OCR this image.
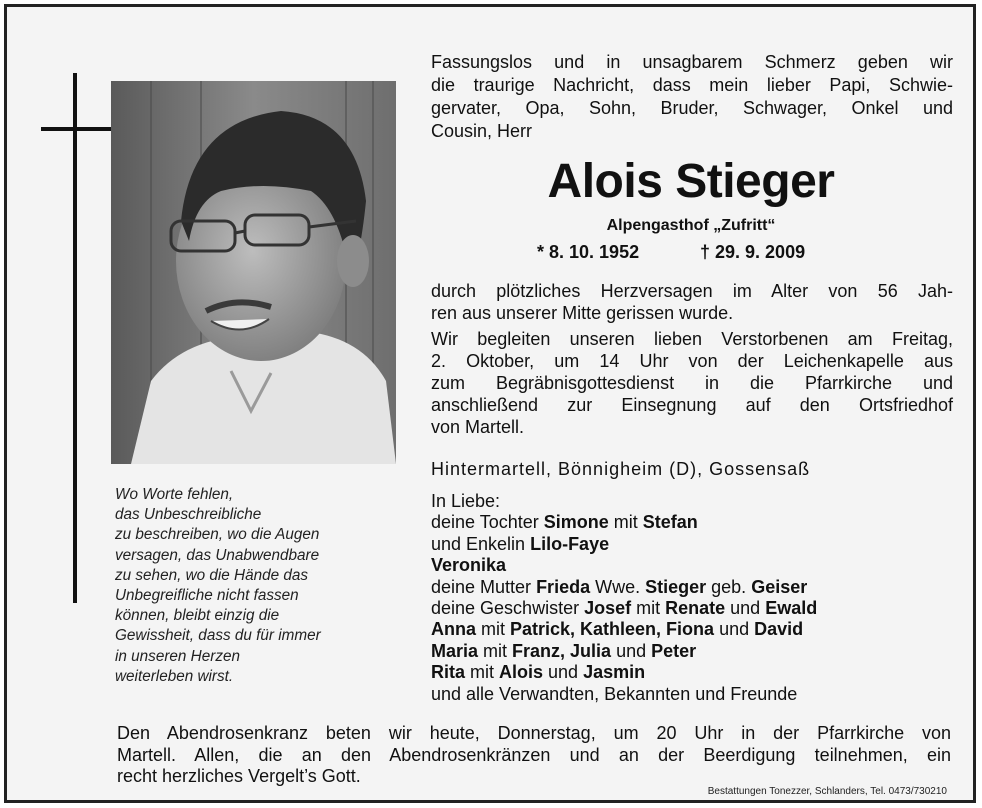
Wo Worte fehlen,
das Unbeschreibliche
zu beschreiben, wo die Augen
versagen, das Unabwendbare
zu sehen, wo die Hände das
Unbegreifliche nicht fassen
können, bleibt einzig die
Gewissheit, dass du für immer
in unseren Herzen
weiterleben wirst.
Fassungslos und in unsagbarem Schmerz geben wir
die traurige Nachricht, dass mein lieber Papi, Schwie-
gervater, Opa, Sohn, Bruder, Schwager, Onkel und
Cousin, Herr
Alois Stieger
Alpengasthof „Zufritt“
* 8. 10. 1952	† 29. 9. 2009
durch plötzliches Herzversagen im Alter von 56 Jah-
ren aus unserer Mitte gerissen wurde.
Wir begleiten unseren lieben Verstorbenen am Freitag,
2. Oktober, um 14 Uhr von der Leichenkapelle aus
zum Begräbnisgottesdienst in die Pfarrkirche und
anschließend zur Einsegnung auf den Ortsfriedhof
von Martell.
Hintermartell, Bönnigheim (D), Gossensaß
In Liebe:
deine Tochter Simone mit Stefan
und Enkelin Lilo-Faye
Veronika
deine Mutter Frieda Wwe. Stieger geb. Geiser
deine Geschwister Josef mit Renate und Ewald
Anna mit Patrick, Kathleen, Fiona und David
Maria mit Franz, Julia und Peter
Rita mit Alois und Jasmin
und alle Verwandten, Bekannten und Freunde
Den Abendrosenkranz beten wir heute, Donnerstag, um 20 Uhr in der Pfarrkirche von
Martell. Allen, die an den Abendrosenkränzen und an der Beerdigung teilnehmen, ein
recht herzliches Vergelt’s Gott.
Bestattungen Tonezzer, Schlanders, Tel. 0473/730210
